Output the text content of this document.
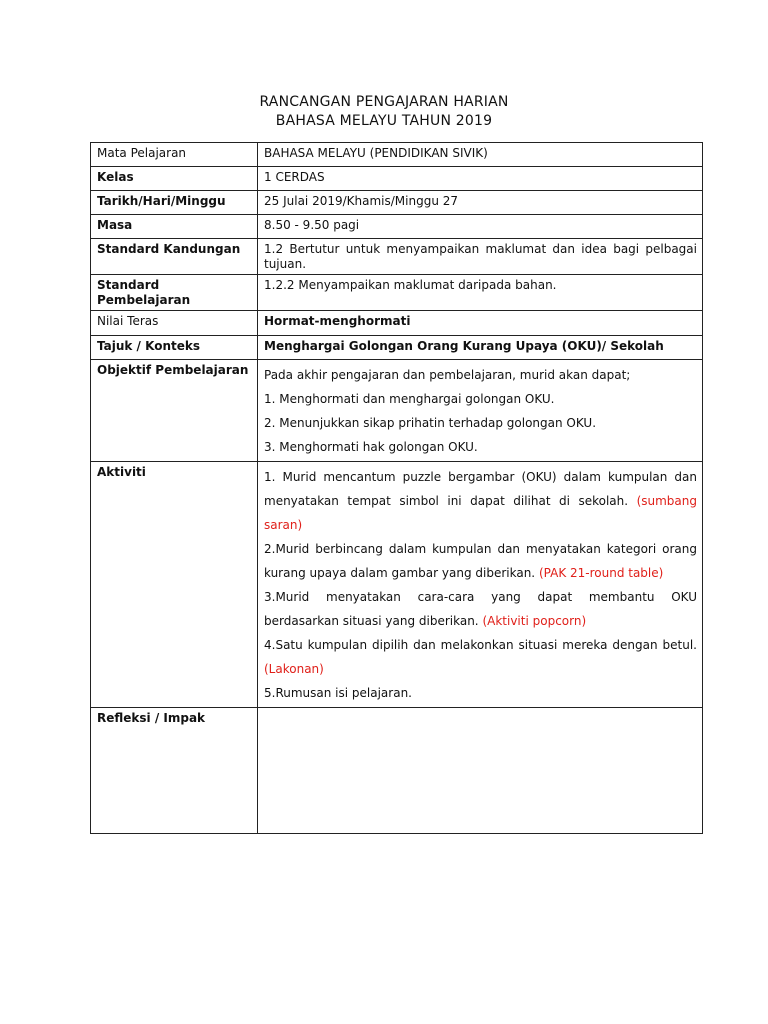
RANCANGAN PENGAJARAN HARIAN
BAHASA MELAYU TAHUN 2019
Mata Pelajaran	BAHASA MELAYU (PENDIDIKAN SIVIK)
Kelas	1 CERDAS
Tarikh/Hari/Minggu	25 Julai 2019/Khamis/Minggu 27
Masa	8.50 - 9.50 pagi
Standard Kandungan	1.2 Bertutur untuk menyampaikan maklumat dan idea bagi pelbagai tujuan.
Standard Pembelajaran	1.2.2 Menyampaikan maklumat daripada bahan.
Nilai Teras	Hormat-menghormati
Tajuk / Konteks	Menghargai Golongan Orang Kurang Upaya (OKU)/ Sekolah
Objektif Pembelajaran	Pada akhir pengajaran dan pembelajaran, murid akan dapat;
1. Menghormati dan menghargai golongan OKU.
2. Menunjukkan sikap prihatin terhadap golongan OKU.
3. Menghormati hak golongan OKU.

Aktiviti	1. Murid mencantum puzzle bergambar (OKU) dalam kumpulan dan menyatakan tempat simbol ini dapat dilihat di sekolah. (sumbang saran)
2.Murid berbincang dalam kumpulan dan menyatakan kategori orang kurang upaya dalam gambar yang diberikan. (PAK 21-round table)
3.Murid menyatakan cara-cara yang dapat membantu OKU berdasarkan situasi yang diberikan. (Aktiviti popcorn)
4.Satu kumpulan dipilih dan melakonkan situasi mereka dengan betul. (Lakonan)
5.Rumusan isi pelajaran.

Refleksi / Impak	
